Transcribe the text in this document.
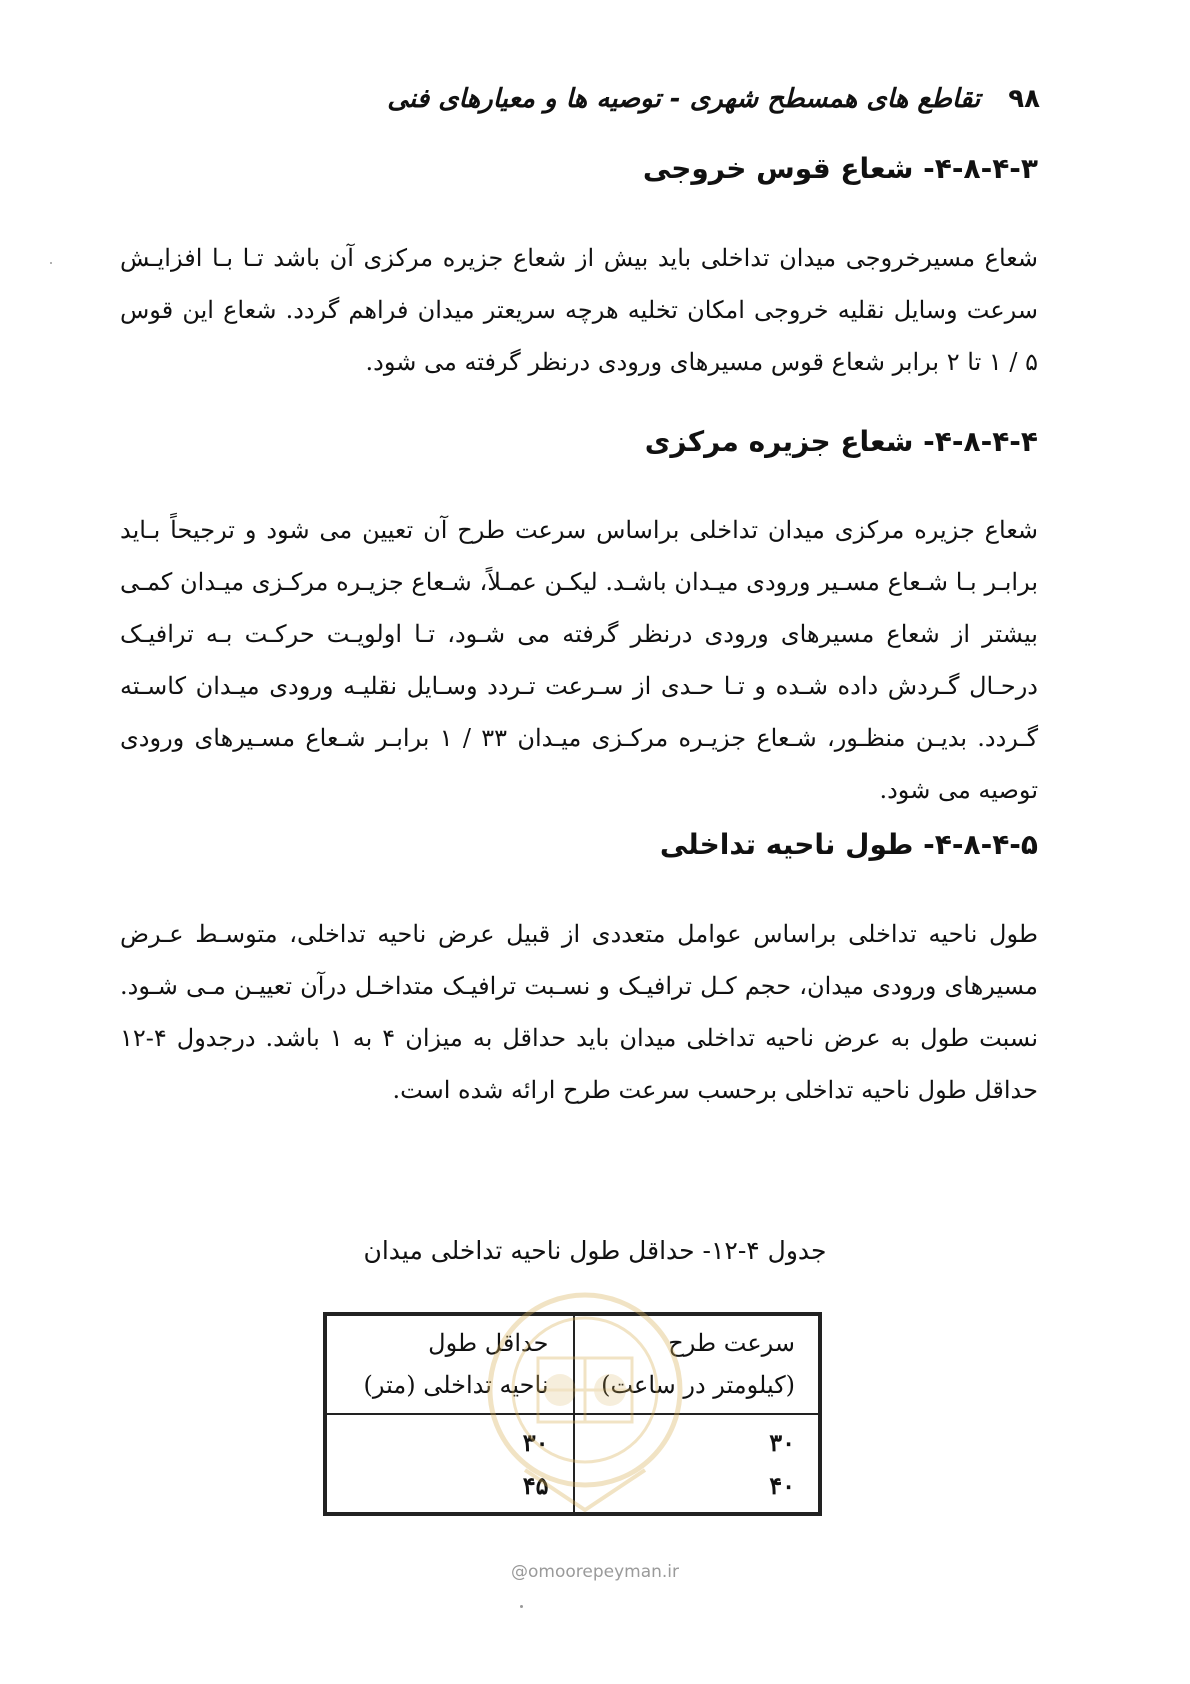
۹۸
تقاطع های همسطح شهری - توصیه ها و معیارهای فنی
۴-۸-۴-۳- شعاع قوس خروجی

شعاع مسیرخروجی میدان تداخلی باید بیش از شعاع جزیره مرکزی آن باشد تـا بـا افزایـش سرعت وسایل نقلیه خروجی امکان تخلیه هرچه سریعتر میدان فراهم گردد. شعاع این قوس ۵ / ۱ تا ۲ برابر شعاع قوس مسیرهای ورودی درنظر گرفته می شود.

۴-۸-۴-۴- شعاع جزیره مرکزی

شعاع جزیره مرکزی میدان تداخلی براساس سرعت طرح آن تعیین می شود و ترجیحاً بـاید برابـر بـا شـعاع مسـیر ورودی میـدان باشـد. لیکـن عمـلاً، شـعاع جزیـره مرکـزی میـدان کمـی بیشتر از شعاع مسیرهای ورودی درنظر گرفته می شـود، تـا اولویـت حرکـت بـه ترافیـک درحـال گـردش داده شـده و تـا حـدی از سـرعت تـردد وسـایل نقلیـه ورودی میـدان کاسـته گـردد. بدیـن منظـور، شـعاع جزیـره مرکـزی میـدان ۳۳ / ۱ برابـر شـعاع مسـیرهای ورودی توصیه می شود.

۴-۸-۴-۵- طول ناحیه تداخلی

طول ناحیه تداخلی براساس عوامل متعددی از قبیل عرض ناحیه تداخلی، متوسـط عـرض مسیرهای ورودی میدان، حجم کـل ترافیـک و نسـبت ترافیـک متداخـل درآن تعییـن مـی شـود. نسبت طول به عرض ناحیه تداخلی میدان باید حداقل به میزان ۴ به ۱ باشد. درجدول ۴-۱۲ حداقل طول ناحیه تداخلی برحسب سرعت طرح ارائه شده است.

جدول ۴-۱۲- حداقل طول ناحیه تداخلی میدان
سرعت طرح
(کیلومتر در ساعت)
حداقل طول
ناحیه تداخلی (متر)
۳۰
۴۰
۳۰
۴۵
@omoorepeyman.ir
